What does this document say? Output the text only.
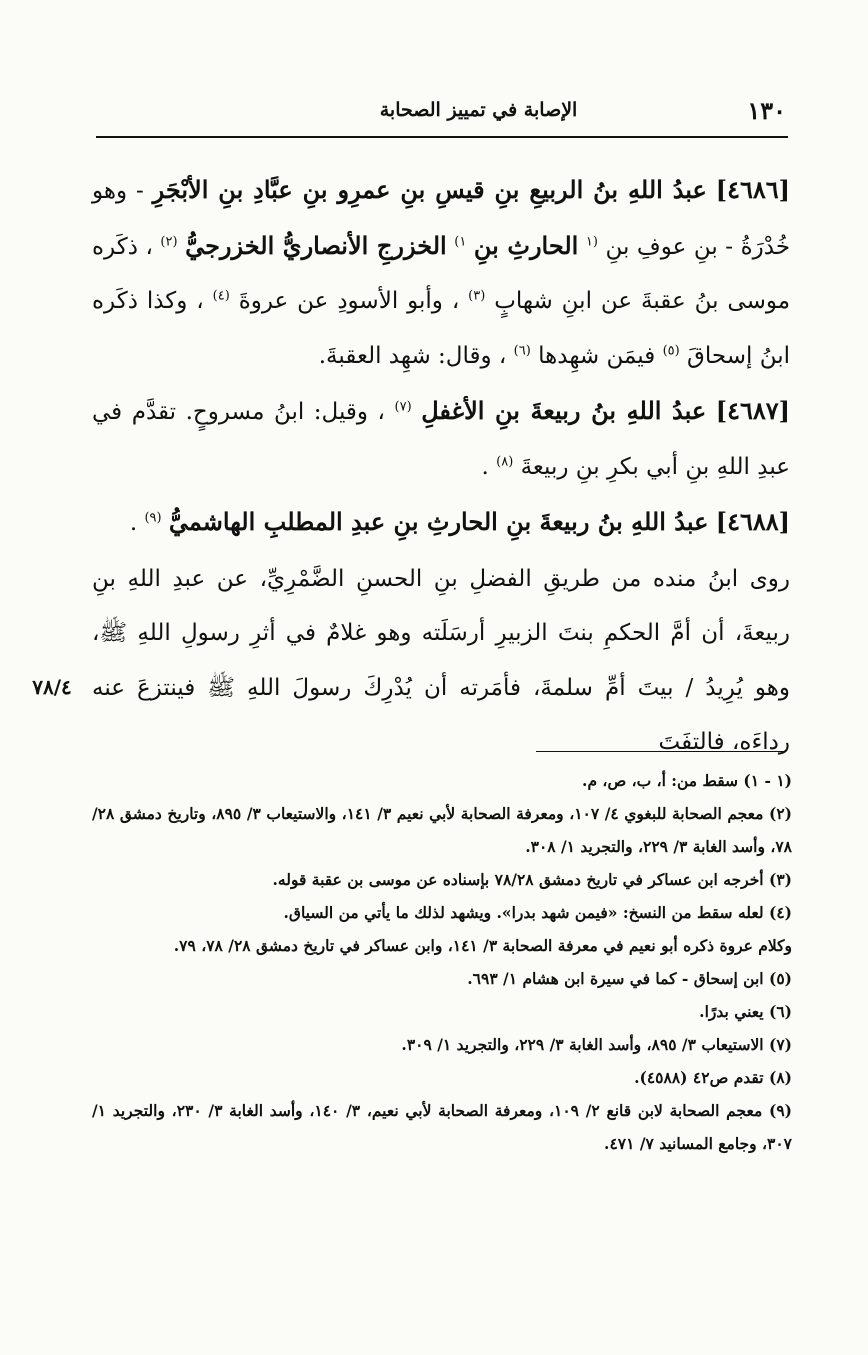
١٣٠
الإصابة في تمييز الصحابة

[٤٦٨٦] عبدُ اللهِ بنُ الربيعِ بنِ قيسِ بنِ عمرِو بنِ عبَّادِ بنِ الأبْجَرِ - وهو خُدْرَةُ - بنِ عوفِ بنِ $^{(١}$ الحارثِ بنِ $^{١)}$ الخزرجِ الأنصاريُّ الخزرجيُّ $^{(٢)}$ ، ذكَره موسى بنُ عقبةَ عن ابنِ شهابٍ $^{(٣)}$ ، وأبو الأسودِ عن عروةَ $^{(٤)}$ ، وكذا ذكَره ابنُ إسحاقَ $^{(٥)}$ فيمَن شهِدها $^{(٦)}$ ، وقال: شهِد العقبةَ.

[٤٦٨٧] عبدُ اللهِ بنُ ربيعةَ بنِ الأغفلِ $^{(٧)}$ ، وقيل: ابنُ مسروحٍ. تقدَّم في عبدِ اللهِ بنِ أبي بكرِ بنِ ربيعةَ $^{(٨)}$ .

[٤٦٨٨] عبدُ اللهِ بنُ ربيعةَ بنِ الحارثِ بنِ عبدِ المطلبِ الهاشميُّ $^{(٩)}$ .

روى ابنُ منده من طريقِ الفضلِ بنِ الحسنِ الضَّمْرِيِّ، عن عبدِ اللهِ بنِ ربيعةَ، أن أمَّ الحكمِ بنتَ الزبيرِ أرسَلَته وهو غلامٌ في أثرِ رسولِ اللهِ ﷺ، وهو يُرِيدُ / بيتَ أمِّ سلمةَ، فأمَرته أن يُدْرِكَ رسولَ اللهِ ﷺ فينتزعَ عنه رداءَه، فالتفَتَ

٧٨/٤

(١ - ١) سقط من: أ، ب، ص، م.

(٢) معجم الصحابة للبغوي ٤/ ١٠٧، ومعرفة الصحابة لأبي نعيم ٣/ ١٤١، والاستيعاب ٣/ ٨٩٥، وتاريخ دمشق ٢٨/ ٧٨، وأسد الغابة ٣/ ٢٢٩، والتجريد ١/ ٣٠٨.

(٣) أخرجه ابن عساكر في تاريخ دمشق ٧٨/٢٨ بإسناده عن موسى بن عقبة قوله.

(٤) لعله سقط من النسخ: «فيمن شهد بدرا». ويشهد لذلك ما يأتي من السياق.

وكلام عروة ذكره أبو نعيم في معرفة الصحابة ٣/ ١٤١، وابن عساكر في تاريخ دمشق ٢٨/ ٧٨، ٧٩.

(٥) ابن إسحاق - كما في سيرة ابن هشام ١/ ٦٩٣.

(٦) يعني بدرًا.

(٧) الاستيعاب ٣/ ٨٩٥، وأسد الغابة ٣/ ٢٢٩، والتجريد ١/ ٣٠٩.

(٨) تقدم ص٤٢ (٤٥٨٨).

(٩) معجم الصحابة لابن قانع ٢/ ١٠٩، ومعرفة الصحابة لأبي نعيم، ٣/ ١٤٠، وأسد الغابة ٣/ ٢٣٠، والتجريد ١/ ٣٠٧، وجامع المسانيد ٧/ ٤٧١.
